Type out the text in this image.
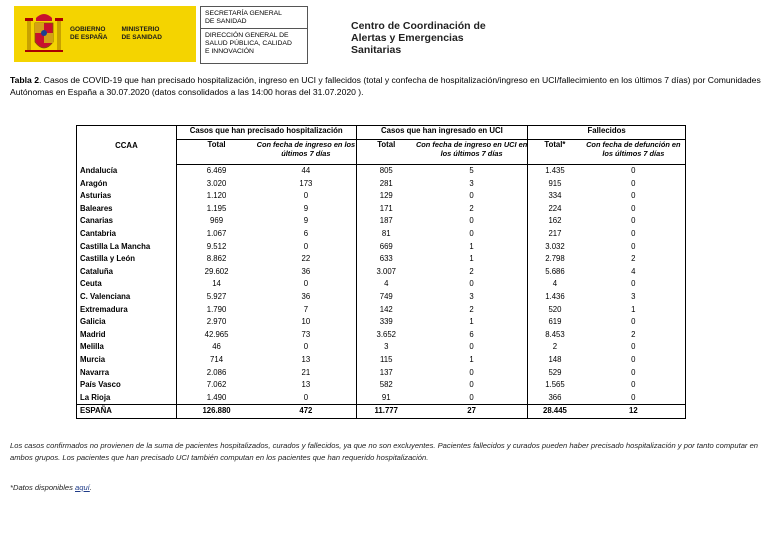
GOBIERNO
DE ESPAÑA
MINISTERIO
DE SANIDAD
SECRETARÍA GENERAL
DE SANIDAD
DIRECCIÓN GENERAL DE
SALUD PÚBLICA, CALIDAD
E INNOVACIÓN
Centro de Coordinación de
Alertas y Emergencias
Sanitarias
Tabla 2. Casos de COVID-19 que han precisado hospitalización, ingreso en UCI y fallecidos (total y confecha de hospitalización/ingreso en UCI/fallecimiento en los últimos 7 días) por Comunidades Autónomas en España a 30.07.2020 (datos consolidados a las 14:00 horas del 31.07.2020 ).
CCAA	Casos que han precisado hospitalización		Casos que han ingresado en UCI		Fallecidos	
	Total	Con fecha de ingreso en los últimos 7 días	Total	Con fecha de ingreso en UCI en los últimos 7 días	Total*	Con fecha de defunción en los últimos 7 días
Andalucía	6.469	44	805	5	1.435	0
Aragón	3.020	173	281	3	915	0
Asturias	1.120	0	129	0	334	0
Baleares	1.195	9	171	2	224	0
Canarias	969	9	187	0	162	0
Cantabria	1.067	6	81	0	217	0
Castilla La Mancha	9.512	0	669	1	3.032	0
Castilla y León	8.862	22	633	1	2.798	2
Cataluña	29.602	36	3.007	2	5.686	4
Ceuta	14	0	4	0	4	0
C. Valenciana	5.927	36	749	3	1.436	3
Extremadura	1.790	7	142	2	520	1
Galicia	2.970	10	339	1	619	0
Madrid	42.965	73	3.652	6	8.453	2
Melilla	46	0	3	0	2	0
Murcia	714	13	115	1	148	0
Navarra	2.086	21	137	0	529	0
País Vasco	7.062	13	582	0	1.565	0
La Rioja	1.490	0	91	0	366	0
ESPAÑA	126.880	472	11.777	27	28.445	12
Los casos confirmados no provienen de la suma de pacientes hospitalizados, curados y fallecidos, ya que no son excluyentes. Pacientes fallecidos y curados pueden haber precisado hospitalización y por tanto computar en ambos grupos. Los pacientes que han precisado UCI también computan en los pacientes que han requerido hospitalización.
*Datos disponibles aquí.
